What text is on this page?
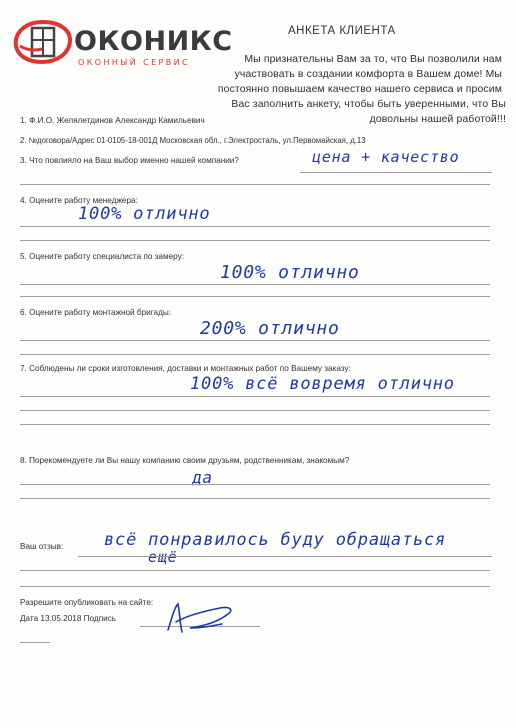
ОКОНИКС
ОКОННЫЙ СЕРВИС
АНКЕТА КЛИЕНТА
Мы признательны Вам за то, что Вы позволили нам
участвовать в создании комфорта в Вашем доме! Мы
постоянно повышаем качество нашего сервиса и просим
Вас заполнить анкету, чтобы быть уверенными, что Вы довольны нашей работой!!!
1. Ф.И.О. Желялетдинов Александр Камильевич
2. №договора/Адрес 01-0105-18-001Д Московская обл., г.Электросталь, ул.Первомайская, д.13
3. Что повлияло на Ваш выбор именно нашей компании?	цена + качество
4. Оцените работу менеджера:
100% отлично
5. Оцените работу специалиста по замеру:
100% отлично
6. Оцените работу монтажной бригады:
200% отлично
7. Соблюдены ли сроки изготовления, доставки и монтажных работ по Вашему заказу:
100% всё вовремя отлично
8. Порекомендуете ли Вы нашу компанию своим друзьям, родственникам, знакомым?
да
Ваш отзыв: всё понравилось буду обращаться
ещё
Разрешите опубликовать на сайте:
Дата 13.05.2018 Подпись
